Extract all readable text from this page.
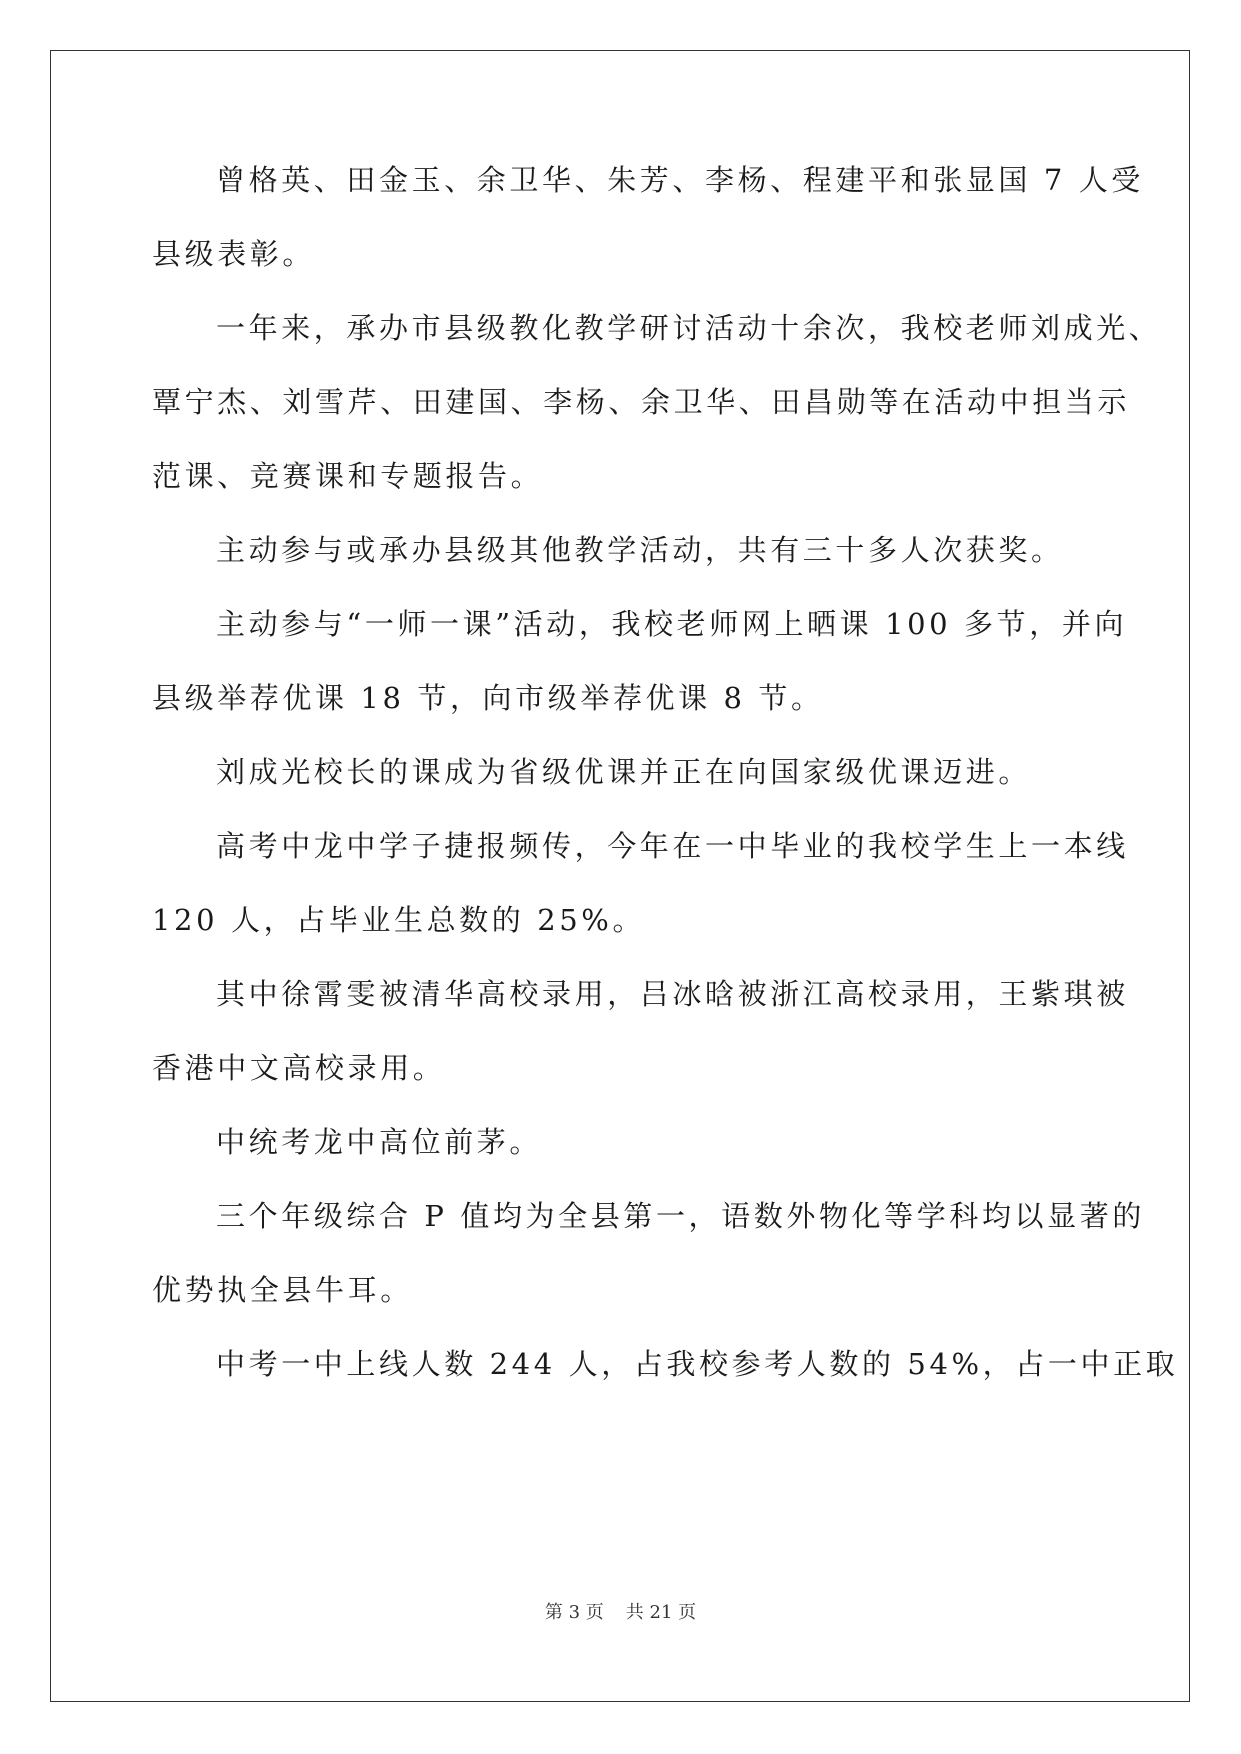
曾格英、田金玉、余卫华、朱芳、李杨、程建平和张显国 7 人受
县级表彰。
一年来，承办市县级教化教学研讨活动十余次，我校老师刘成光、
覃宁杰、刘雪芹、田建国、李杨、余卫华、田昌勋等在活动中担当示
范课、竞赛课和专题报告。
主动参与或承办县级其他教学活动，共有三十多人次获奖。
主动参与“一师一课”活动，我校老师网上晒课 100 多节，并向
县级举荐优课 18 节，向市级举荐优课 8 节。
刘成光校长的课成为省级优课并正在向国家级优课迈进。
高考中龙中学子捷报频传，今年在一中毕业的我校学生上一本线
120 人，占毕业生总数的 25%。
其中徐霄雯被清华高校录用，吕冰晗被浙江高校录用，王紫琪被
香港中文高校录用。
中统考龙中高位前茅。
三个年级综合 P 值均为全县第一，语数外物化等学科均以显著的
优势执全县牛耳。
中考一中上线人数 244 人，占我校参考人数的 54%，占一中正取
第 3 页 共 21 页
